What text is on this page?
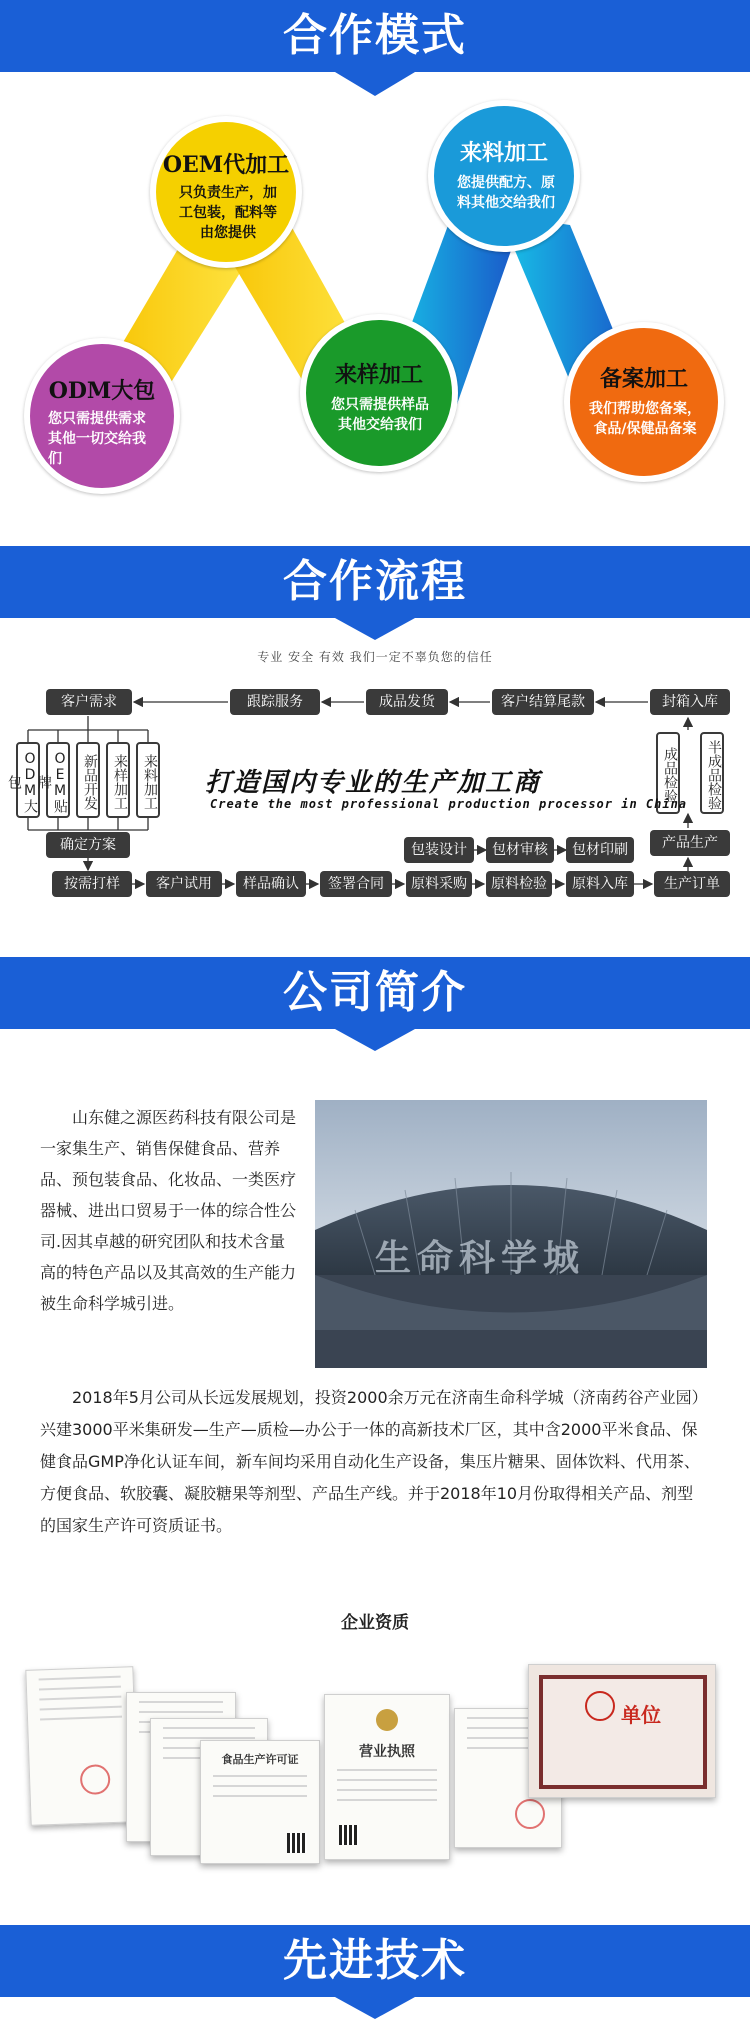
合作模式
OEM代加工
只负责生产，加工包装，配料等由您提供
来料加工
您提供配方、原料其他交给我们
ODM大包
您只需提供需求其他一切交给我们
来样加工
您只需提供样品其他交给我们
备案加工
我们帮助您备案，食品/保健品备案
合作流程
专业 安全 有效 我们一定不辜负您的信任
客户需求	跟踪服务	成品发货	客户结算尾款	封箱入库
ODM大包	OEM贴牌	新品开发	来样加工	来料加工
确定方案
成品检验	半成品检验
产品生产
打造国内专业的生产加工商
Create the most professional production processor in China
包装设计	包材审核	包材印刷
按需打样	客户试用	样品确认	签署合同	原料采购	原料检验	原料入库	生产订单
公司简介
山东健之源医药科技有限公司是一家集生产、销售保健食品、营养品、预包装食品、化妆品、一类医疗器械、进出口贸易于一体的综合性公司.因其卓越的研究团队和技术含量高的特色产品以及其高效的生产能力被生命科学城引进。
生命科学城
2018年5月公司从长远发展规划，投资2000余万元在济南生命科学城（济南药谷产业园）兴建3000平米集研发—生产—质检—办公于一体的高新技术厂区，其中含2000平米食品、保健食品GMP净化认证车间，新车间均采用自动化生产设备，集压片糖果、固体饮料、代用茶、方便食品、软胶囊、凝胶糖果等剂型、产品生产线。并于2018年10月份取得相关产品、剂型的国家生产许可资质证书。
企业资质
食品生产许可证	营业执照
单位
先进技术
